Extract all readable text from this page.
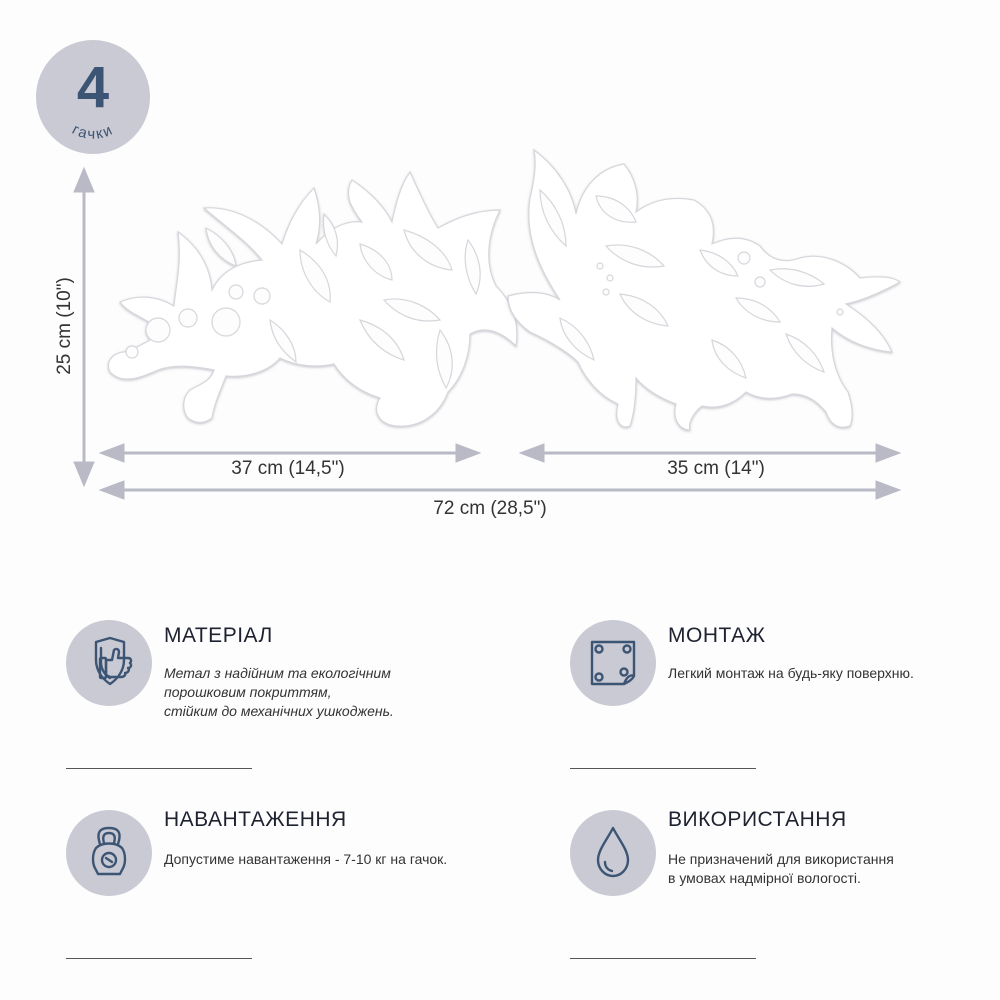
4
гачки
37 cm (14,5")	35 cm (14")
72 cm (28,5")
25 cm (10")
МАТЕРІАЛ
Метал з надійним та екологічним
порошковим покриттям,
стійким до механічних ушкоджень.
МОНТАЖ
Легкий монтаж на будь-яку поверхню.
НАВАНТАЖЕННЯ
Допустиме навантаження - 7-10 кг на гачок.
ВИКОРИСТАННЯ
Не призначений для використання
в умовах надмірної вологості.
